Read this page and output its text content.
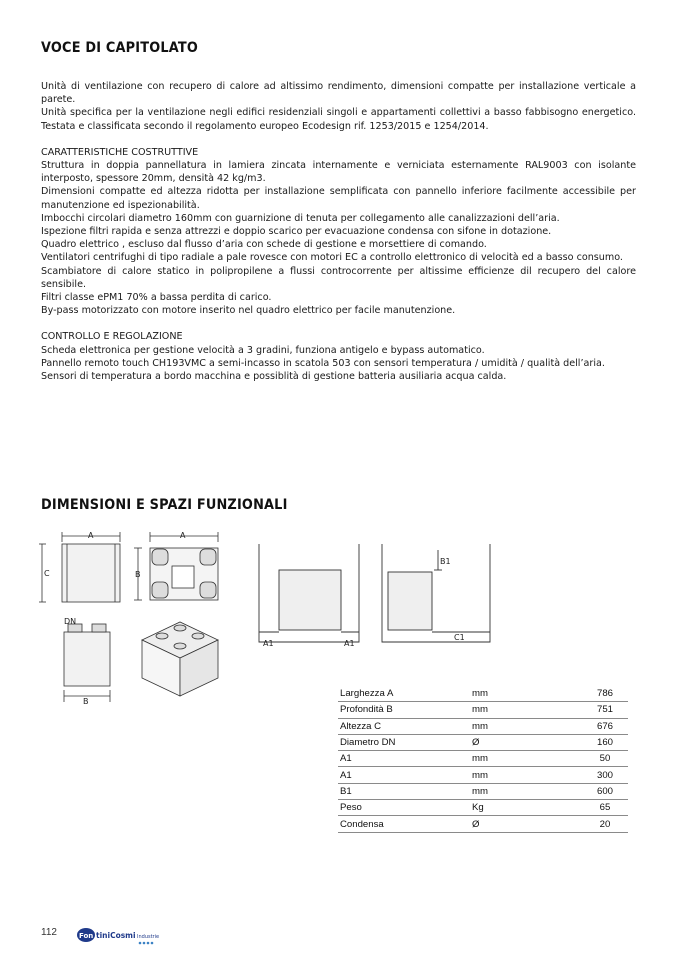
VOCE DI CAPITOLATO

Unità di ventilazione con recupero di calore ad altissimo rendimento, dimensioni compatte per installazione verticale a parete.

Unità specifica per la ventilazione negli edifici residenziali singoli e appartamenti collettivi a basso fabbisogno energetico. Testata e classificata secondo il regolamento europeo Ecodesign rif. 1253/2015 e 1254/2014.

CARATTERISTICHE COSTRUTTIVE

Struttura in doppia pannellatura in lamiera zincata internamente e verniciata esternamente RAL9003 con isolante interposto, spessore 20mm, densità 42 kg/m3.

Dimensioni compatte ed altezza ridotta per installazione semplificata con pannello inferiore facilmente accessibile per manutenzione ed ispezionabilità.

Imbocchi circolari diametro 160mm con guarnizione di tenuta per collegamento alle canalizzazioni dell’aria.

Ispezione filtri rapida e senza attrezzi e doppio scarico per evacuazione condensa con sifone in dotazione.

Quadro elettrico , escluso dal flusso d’aria con schede di gestione e morsettiere di comando.

Ventilatori centrifughi di tipo radiale a pale rovesce con motori EC a controllo elettronico di velocità ed a basso consumo.

Scambiatore di calore statico in polipropilene a flussi controcorrente per altissime efficienze dil recupero del calore sensibile.

Filtri classe ePM1 70% a bassa perdita di carico.

By-pass motorizzato con motore inserito nel quadro elettrico per facile manutenzione.

CONTROLLO E REGOLAZIONE

Scheda elettronica per gestione velocità a 3 gradini, funziona antigelo e bypass automatico.

Pannello remoto touch CH193VMC a semi-incasso in scatola 503 con sensori temperatura / umidità / qualità dell’aria.

Sensori di temperatura a bordo macchina e possiblità di gestione batteria ausiliaria acqua calda.

DIMENSIONI E SPAZI FUNZIONALI
A
C
A
B
DN
B
A1	A1
B1
C1
Larghezza A	mm	786
Profondità B	mm	751
Altezza C	mm	676
Diametro DN	Ø	160
A1	mm	50
A1	mm	300
B1	mm	600
Peso	Kg	65
Condensa	Ø	20
112	Fon tiniCosmi Industrie
